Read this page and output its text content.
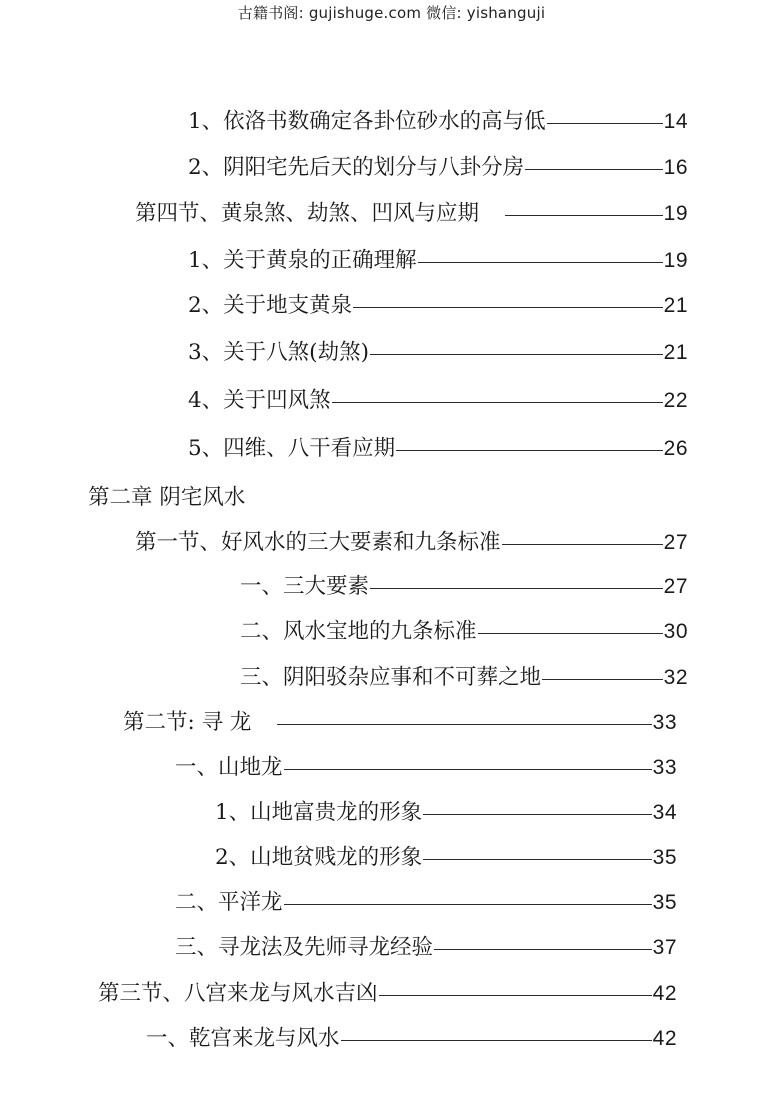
古籍书阁: gujishuge.com 微信: yishanguji
1、依洛书数确定各卦位砂水的高与低	14
2、阴阳宅先后天的划分与八卦分房	16
第四节、黄泉煞、劫煞、凹风与应期	19
1、关于黄泉的正确理解	19
2、关于地支黄泉	21
3、关于八煞(劫煞)	21
4、关于凹风煞	22
5、四维、八干看应期	26
第二章 阴宅风水
第一节、好风水的三大要素和九条标准	27
一、三大要素	27
二、风水宝地的九条标准	30
三、阴阳驳杂应事和不可葬之地	32
第二节: 寻 龙	33
一、山地龙	33
1、山地富贵龙的形象	34
2、山地贫贱龙的形象	35
二、平洋龙	35
三、寻龙法及先师寻龙经验	37
第三节、八宫来龙与风水吉凶	42
一、乾宫来龙与风水	42
